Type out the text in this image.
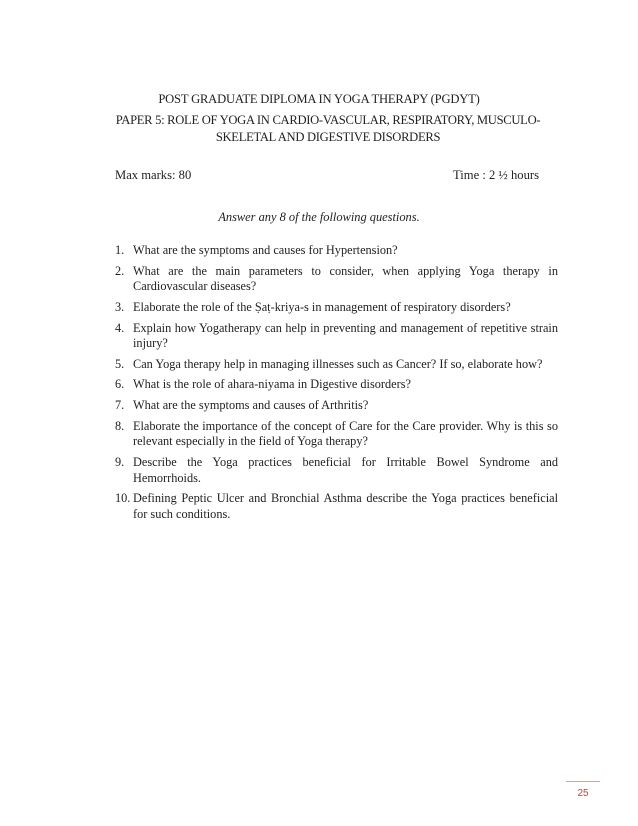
POST GRADUATE DIPLOMA IN YOGA THERAPY (PGDYT)
PAPER 5: ROLE OF YOGA IN CARDIO-VASCULAR, RESPIRATORY, MUSCULO-SKELETAL AND DIGESTIVE DISORDERS
Max marks: 80	Time : 2 ½ hours
Answer any 8 of the following questions.
1. What are the symptoms and causes for Hypertension?
2. What are the main parameters to consider, when applying Yoga therapy in Cardiovascular diseases?
3. Elaborate the role of the Ṣaṭ-kriya-s in management of respiratory disorders?
4. Explain how Yogatherapy can help in preventing and management of repetitive strain injury?
5. Can Yoga therapy help in managing illnesses such as Cancer? If so, elaborate how?
6. What is the role of ahara-niyama in Digestive disorders?
7. What are the symptoms and causes of Arthritis?
8. Elaborate the importance of the concept of Care for the Care provider. Why is this so relevant especially in the field of Yoga therapy?
9. Describe the Yoga practices beneficial for Irritable Bowel Syndrome and Hemorrhoids.
10. Defining Peptic Ulcer and Bronchial Asthma describe the Yoga practices beneficial for such conditions.
25
